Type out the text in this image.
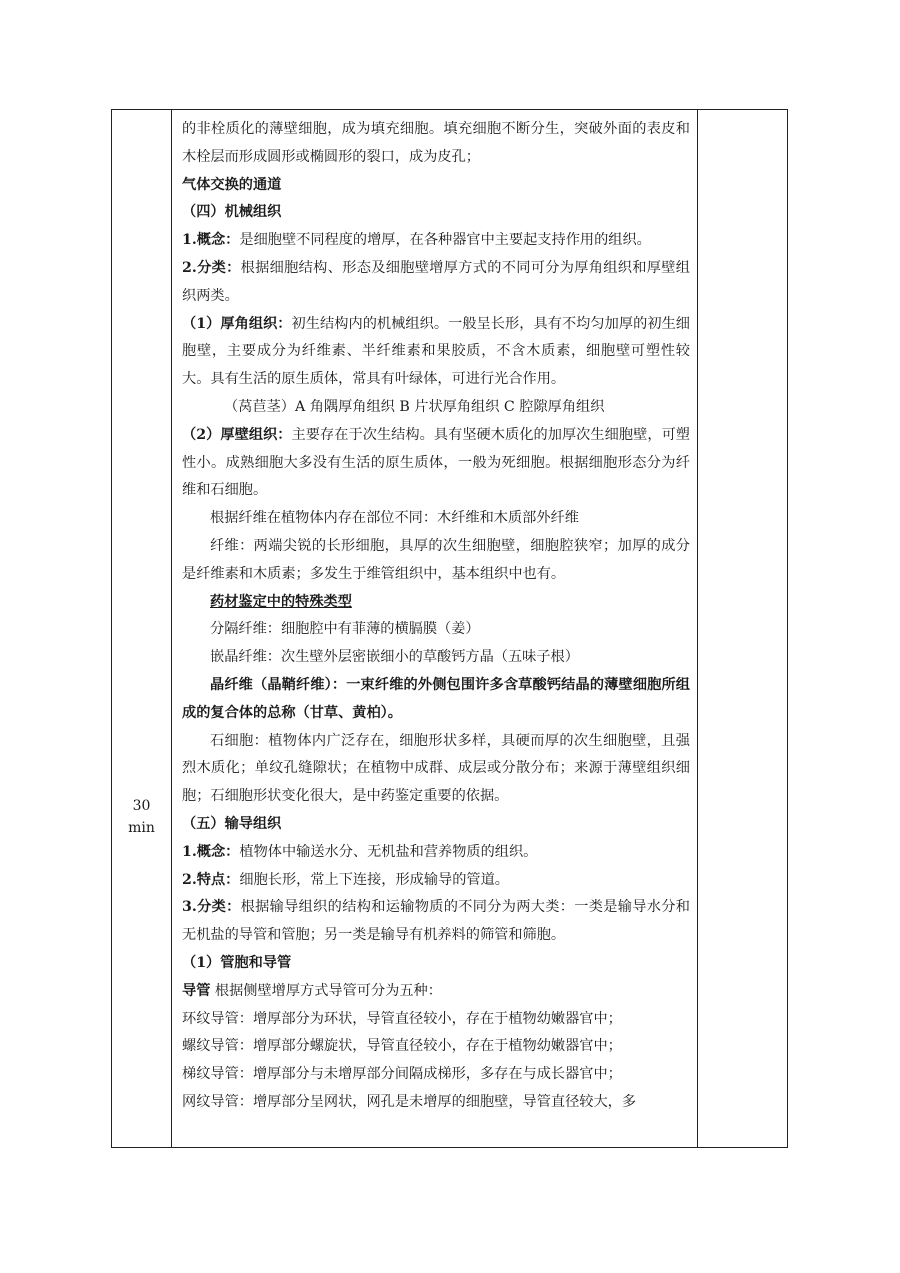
30
min

的非栓质化的薄壁细胞，成为填充细胞。填充细胞不断分生，突破外面的表皮和木栓层而形成圆形或椭圆形的裂口，成为皮孔；

气体交换的通道

（四）机械组织

1.概念：是细胞壁不同程度的增厚，在各种器官中主要起支持作用的组织。

2.分类：根据细胞结构、形态及细胞壁增厚方式的不同可分为厚角组织和厚壁组织两类。

（1）厚角组织：初生结构内的机械组织。一般呈长形，具有不均匀加厚的初生细胞壁，主要成分为纤维素、半纤维素和果胶质，不含木质素，细胞壁可塑性较大。具有生活的原生质体，常具有叶绿体，可进行光合作用。

（莴苣茎）A 角隅厚角组织 B 片状厚角组织 C 腔隙厚角组织

（2）厚壁组织：主要存在于次生结构。具有坚硬木质化的加厚次生细胞壁，可塑性小。成熟细胞大多没有生活的原生质体，一般为死细胞。根据细胞形态分为纤维和石细胞。

根据纤维在植物体内存在部位不同：木纤维和木质部外纤维

纤维：两端尖锐的长形细胞，具厚的次生细胞壁，细胞腔狭窄；加厚的成分是纤维素和木质素；多发生于维管组织中，基本组织中也有。

药材鉴定中的特殊类型

分隔纤维：细胞腔中有菲薄的横膈膜（姜）

嵌晶纤维：次生壁外层密嵌细小的草酸钙方晶（五味子根）

晶纤维（晶鞘纤维）：一束纤维的外侧包围许多含草酸钙结晶的薄壁细胞所组成的复合体的总称（甘草、黄柏）。

石细胞：植物体内广泛存在，细胞形状多样，具硬而厚的次生细胞壁，且强烈木质化；单纹孔缝隙状；在植物中成群、成层或分散分布；来源于薄壁组织细胞；石细胞形状变化很大，是中药鉴定重要的依据。

（五）输导组织

1.概念：植物体中输送水分、无机盐和营养物质的组织。

2.特点：细胞长形，常上下连接，形成输导的管道。

3.分类：根据输导组织的结构和运输物质的不同分为两大类：一类是输导水分和无机盐的导管和管胞；另一类是输导有机养料的筛管和筛胞。

（1）管胞和导管

导管 根据侧壁增厚方式导管可分为五种：

环纹导管：增厚部分为环状，导管直径较小，存在于植物幼嫩器官中；

螺纹导管：增厚部分螺旋状，导管直径较小，存在于植物幼嫩器官中；

梯纹导管：增厚部分与未增厚部分间隔成梯形，多存在与成长器官中；

网纹导管：增厚部分呈网状，网孔是未增厚的细胞壁，导管直径较大，多
